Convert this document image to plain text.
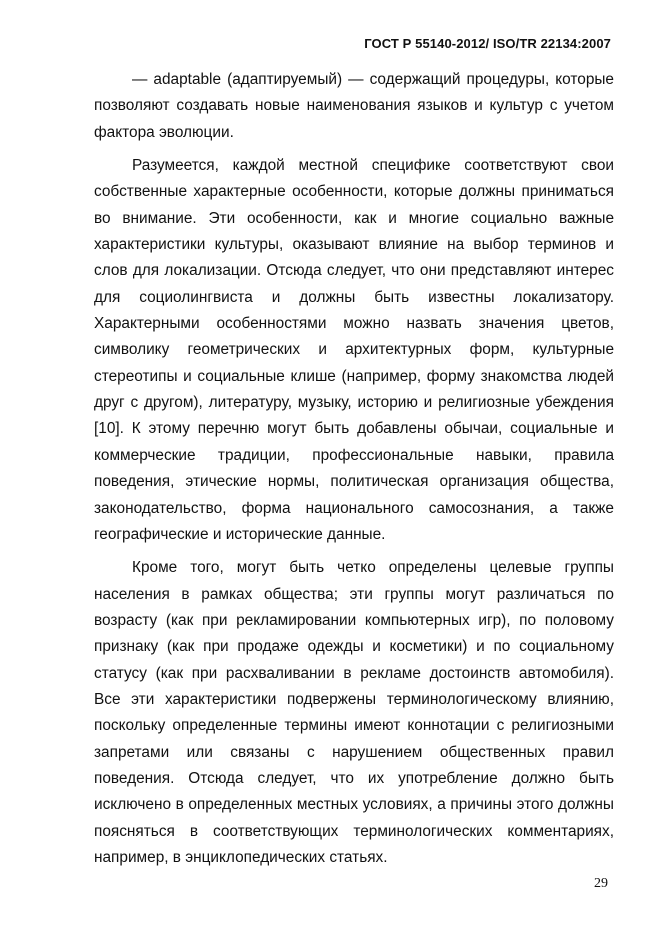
ГОСТ Р 55140-2012/ ISO/TR 22134:2007

— adaptable (адаптируемый) — содержащий процедуры, которые позволяют создавать новые наименования языков и культур с учетом фактора эволюции.

Разумеется, каждой местной специфике соответствуют свои собственные характерные особенности, которые должны приниматься во внимание. Эти особенности, как и многие социально важные характеристики культуры, оказывают влияние на выбор терминов и слов для локализации. Отсюда следует, что они представляют интерес для социолингвиста и должны быть известны локализатору. Характерными особенностями можно назвать значения цветов, символику геометрических и архитектурных форм, культурные стереотипы и социальные клише (например, форму знакомства людей друг с другом), литературу, музыку, историю и религиозные убеждения [10]. К этому перечню могут быть добавлены обычаи, социальные и коммерческие традиции, профессиональные навыки, правила поведения, этические нормы, политическая организация общества, законодательство, форма национального самосознания, а также географические и исторические данные.

Кроме того, могут быть четко определены целевые группы населения в рамках общества; эти группы могут различаться по возрасту (как при рекламировании компьютерных игр), по половому признаку (как при продаже одежды и косметики) и по социальному статусу (как при расхваливании в рекламе достоинств автомобиля). Все эти характеристики подвержены терминологическому влиянию, поскольку определенные термины имеют коннотации с религиозными запретами или связаны с нарушением общественных правил поведения. Отсюда следует, что их употребление должно быть исключено в определенных местных условиях, а причины этого должны поясняться в соответствующих терминологических комментариях, например, в энциклопедических статьях.

29
